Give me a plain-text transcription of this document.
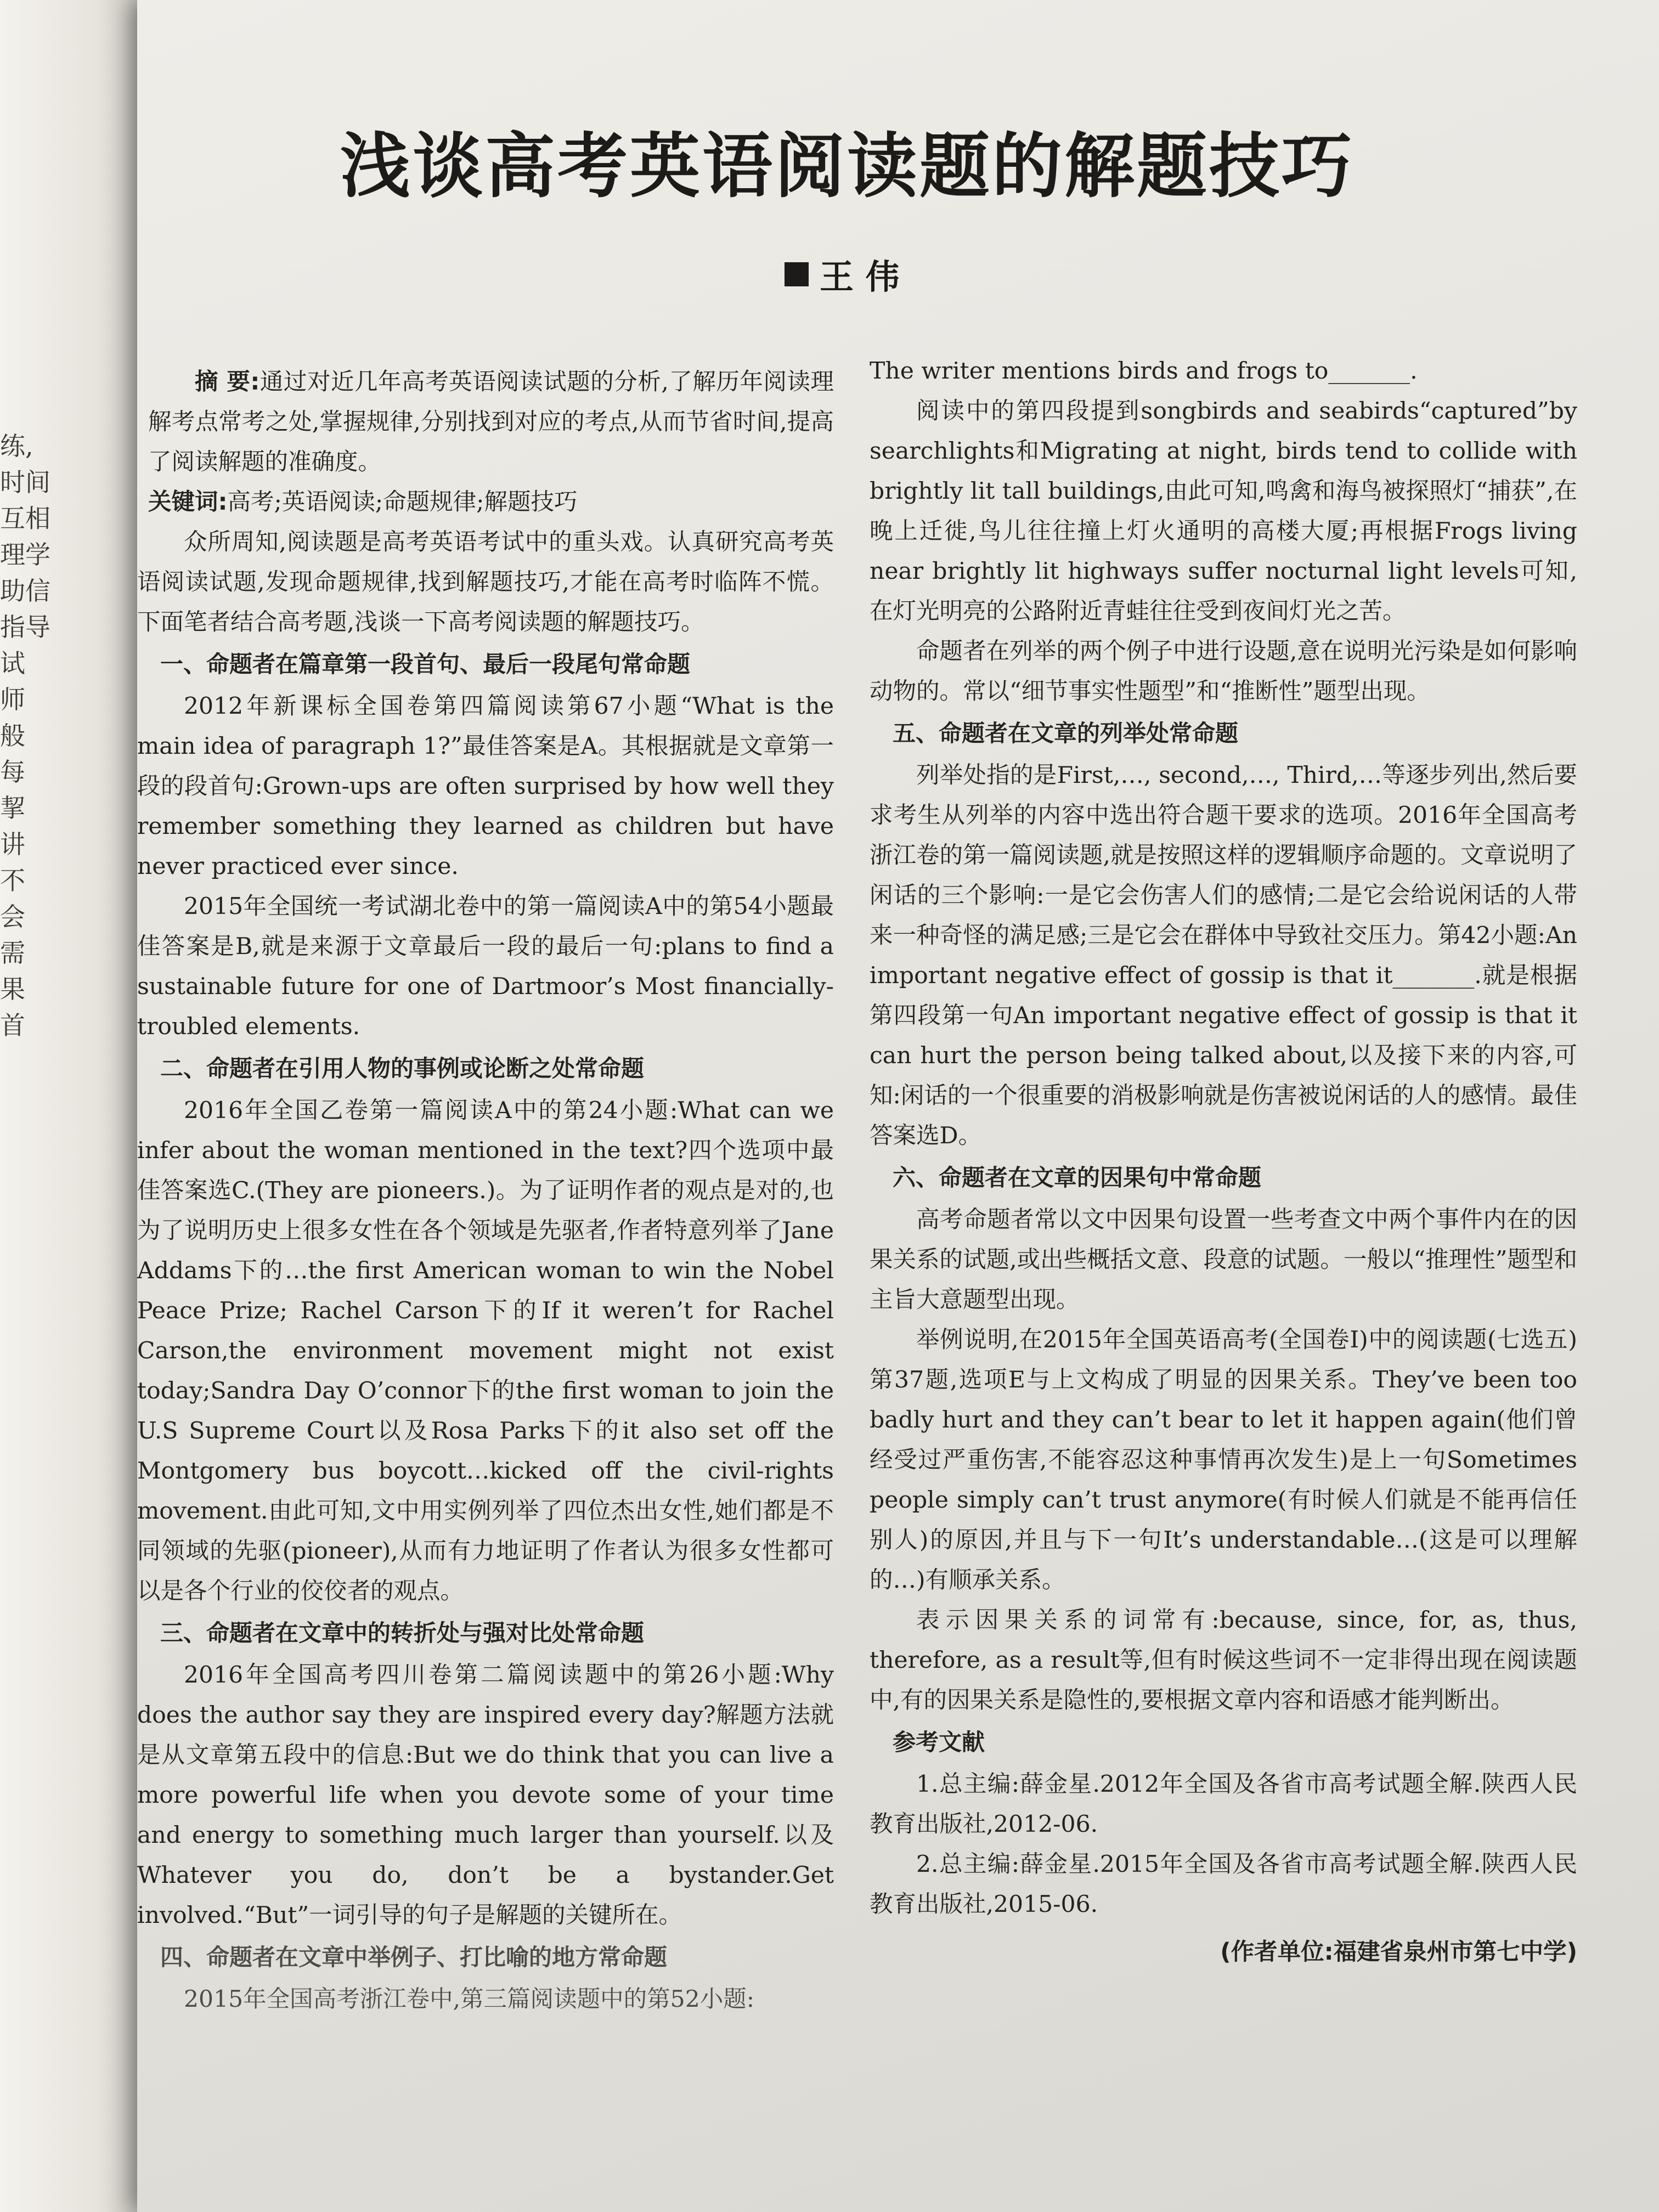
练,
时间
互相
理学
助信
指导
试
师
般
每
挈
讲
不
会
需
果
首
浅谈高考英语阅读题的解题技巧
王 伟

摘 要:通过对近几年高考英语阅读试题的分析,了解历年阅读理解考点常考之处,掌握规律,分别找到对应的考点,从而节省时间,提高了阅读解题的准确度。

关键词:高考;英语阅读;命题规律;解题技巧

众所周知,阅读题是高考英语考试中的重头戏。认真研究高考英语阅读试题,发现命题规律,找到解题技巧,才能在高考时临阵不慌。下面笔者结合高考题,浅谈一下高考阅读题的解题技巧。

一、命题者在篇章第一段首句、最后一段尾句常命题

2012年新课标全国卷第四篇阅读第67小题“What is the main idea of paragraph 1?”最佳答案是A。其根据就是文章第一段的段首句:Grown-ups are often surprised by how well they remember something they learned as children but have never practiced ever since.

2015年全国统一考试湖北卷中的第一篇阅读A中的第54小题最佳答案是B,就是来源于文章最后一段的最后一句:plans to find a sustainable future for one of Dartmoor’s Most financially-troubled elements.

二、命题者在引用人物的事例或论断之处常命题

2016年全国乙卷第一篇阅读A中的第24小题:What can we infer about the woman mentioned in the text?四个选项中最佳答案选C.(They are pioneers.)。为了证明作者的观点是对的,也为了说明历史上很多女性在各个领域是先驱者,作者特意列举了Jane Addams下的…the first American woman to win the Nobel Peace Prize; Rachel Carson下的If it weren’t for Rachel Carson,the environment movement might not exist today;Sandra Day O’connor下的the first woman to join the U.S Supreme Court以及Rosa Parks下的it also set off the Montgomery bus boycott…kicked off the civil-rights movement.由此可知,文中用实例列举了四位杰出女性,她们都是不同领域的先驱(pioneer),从而有力地证明了作者认为很多女性都可以是各个行业的佼佼者的观点。

三、命题者在文章中的转折处与强对比处常命题

2016年全国高考四川卷第二篇阅读题中的第26小题:Why does the author say they are inspired every day?解题方法就是从文章第五段中的信息:But we do think that you can live a more powerful life when you devote some of your time and energy to something much larger than yourself.以及Whatever you do, don’t be a bystander.Get involved.“But”一词引导的句子是解题的关键所在。

四、命题者在文章中举例子、打比喻的地方常命题

2015年全国高考浙江卷中,第三篇阅读题中的第52小题:

The writer mentions birds and frogs to_______.

阅读中的第四段提到songbirds and seabirds“captured”by searchlights和Migrating at night, birds tend to collide with brightly lit tall buildings,由此可知,鸣禽和海鸟被探照灯“捕获”,在晚上迁徙,鸟儿往往撞上灯火通明的高楼大厦;再根据Frogs living near brightly lit highways suffer nocturnal light levels可知,在灯光明亮的公路附近青蛙往往受到夜间灯光之苦。

命题者在列举的两个例子中进行设题,意在说明光污染是如何影响动物的。常以“细节事实性题型”和“推断性”题型出现。

五、命题者在文章的列举处常命题

列举处指的是First,…, second,…, Third,…等逐步列出,然后要求考生从列举的内容中选出符合题干要求的选项。2016年全国高考浙江卷的第一篇阅读题,就是按照这样的逻辑顺序命题的。文章说明了闲话的三个影响:一是它会伤害人们的感情;二是它会给说闲话的人带来一种奇怪的满足感;三是它会在群体中导致社交压力。第42小题:An important negative effect of gossip is that it_______.就是根据第四段第一句An important negative effect of gossip is that it can hurt the person being talked about,以及接下来的内容,可知:闲话的一个很重要的消极影响就是伤害被说闲话的人的感情。最佳答案选D。

六、命题者在文章的因果句中常命题

高考命题者常以文中因果句设置一些考查文中两个事件内在的因果关系的试题,或出些概括文意、段意的试题。一般以“推理性”题型和主旨大意题型出现。

举例说明,在2015年全国英语高考(全国卷I)中的阅读题(七选五)第37题,选项E与上文构成了明显的因果关系。They’ve been too badly hurt and they can’t bear to let it happen again(他们曾经受过严重伤害,不能容忍这种事情再次发生)是上一句Sometimes people simply can’t trust anymore(有时候人们就是不能再信任别人)的原因,并且与下一句It’s understandable…(这是可以理解的…)有顺承关系。

表示因果关系的词常有:because, since, for, as, thus, therefore, as a result等,但有时候这些词不一定非得出现在阅读题中,有的因果关系是隐性的,要根据文章内容和语感才能判断出。

参考文献

1.总主编:薛金星.2012年全国及各省市高考试题全解.陕西人民教育出版社,2012-06.

2.总主编:薛金星.2015年全国及各省市高考试题全解.陕西人民教育出版社,2015-06.

(作者单位:福建省泉州市第七中学)
